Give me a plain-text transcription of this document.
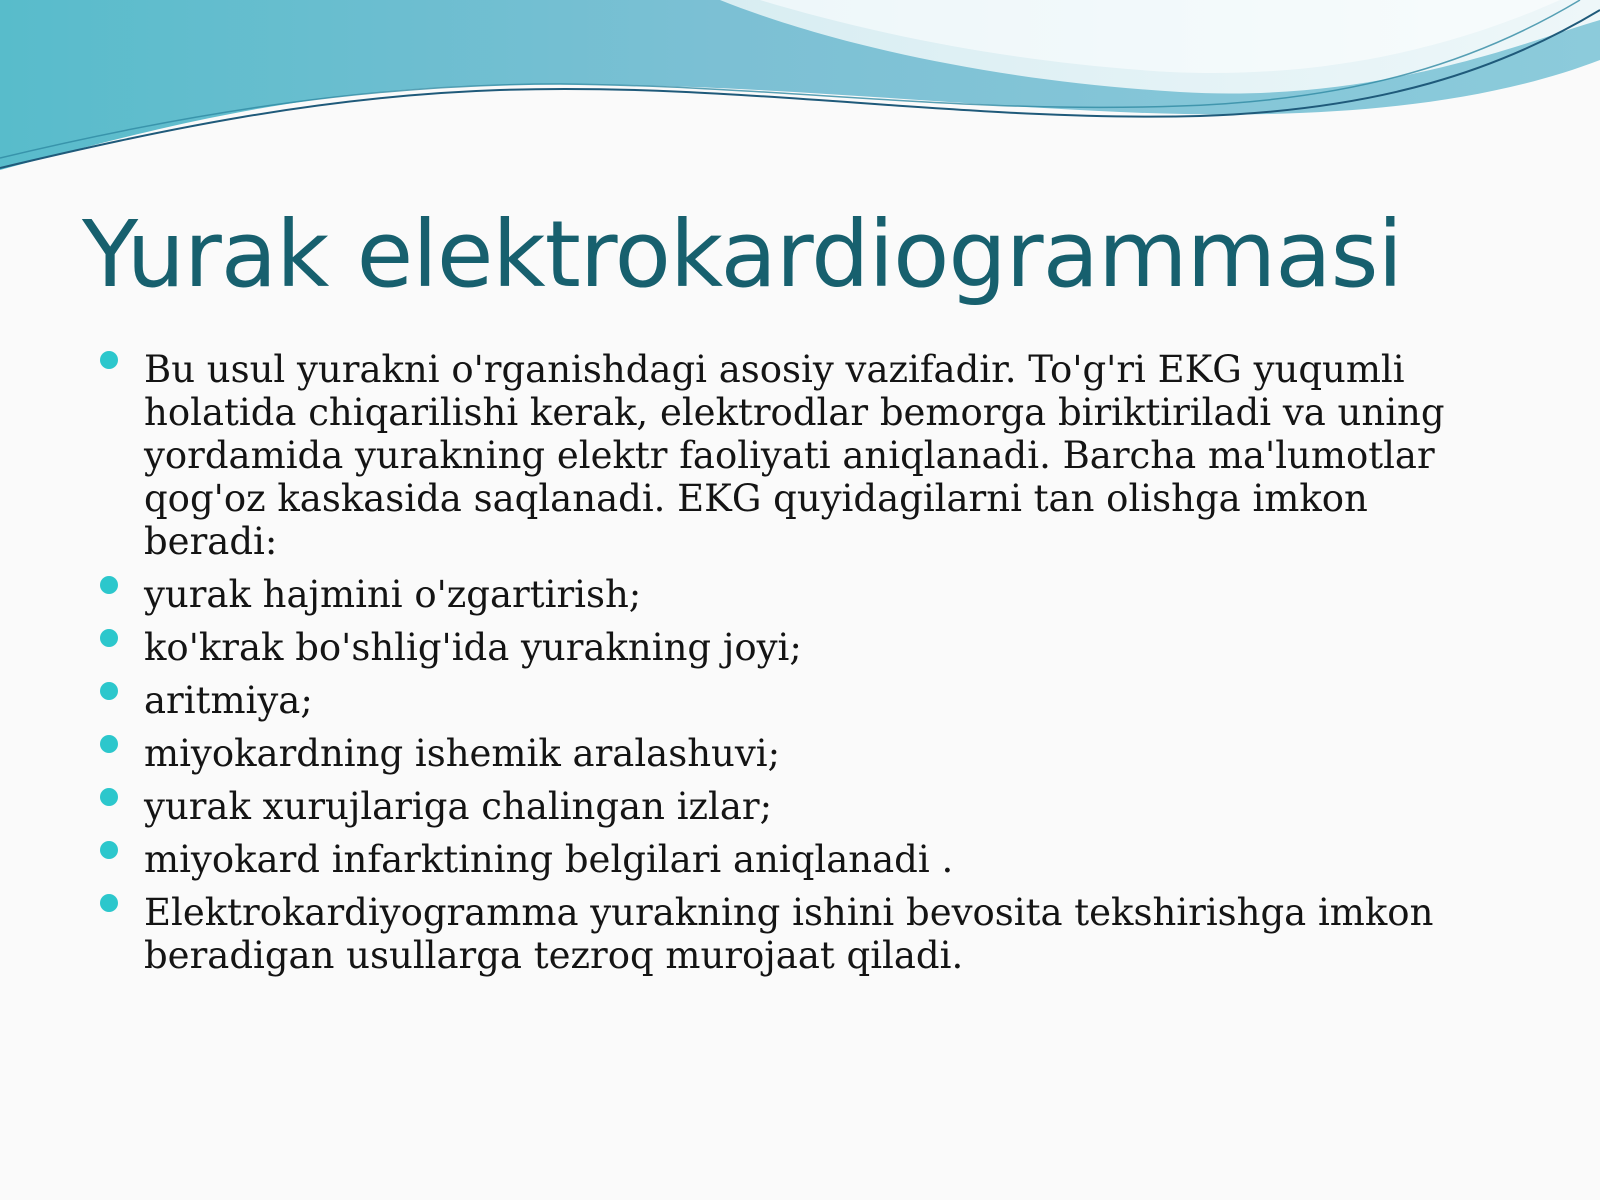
Yurak elektrokardiogrammasi
Bu usul yurakni o'rganishdagi asosiy vazifadir. To'g'ri EKG yuqumli holatida chiqarilishi kerak, elektrodlar bemorga biriktiriladi va uning yordamida yurakning elektr faoliyati aniqlanadi. Barcha ma'lumotlar qog'oz kaskasida saqlanadi. EKG quyidagilarni tan olishga imkon beradi:
yurak hajmini o'zgartirish;
ko'krak bo'shlig'ida yurakning joyi;
aritmiya;
miyokardning ishemik aralashuvi;
yurak xurujlariga chalingan izlar;
miyokard infarktining belgilari aniqlanadi .
Elektrokardiyogramma yurakning ishini bevosita tekshirishga imkon beradigan usullarga tezroq murojaat qiladi.
